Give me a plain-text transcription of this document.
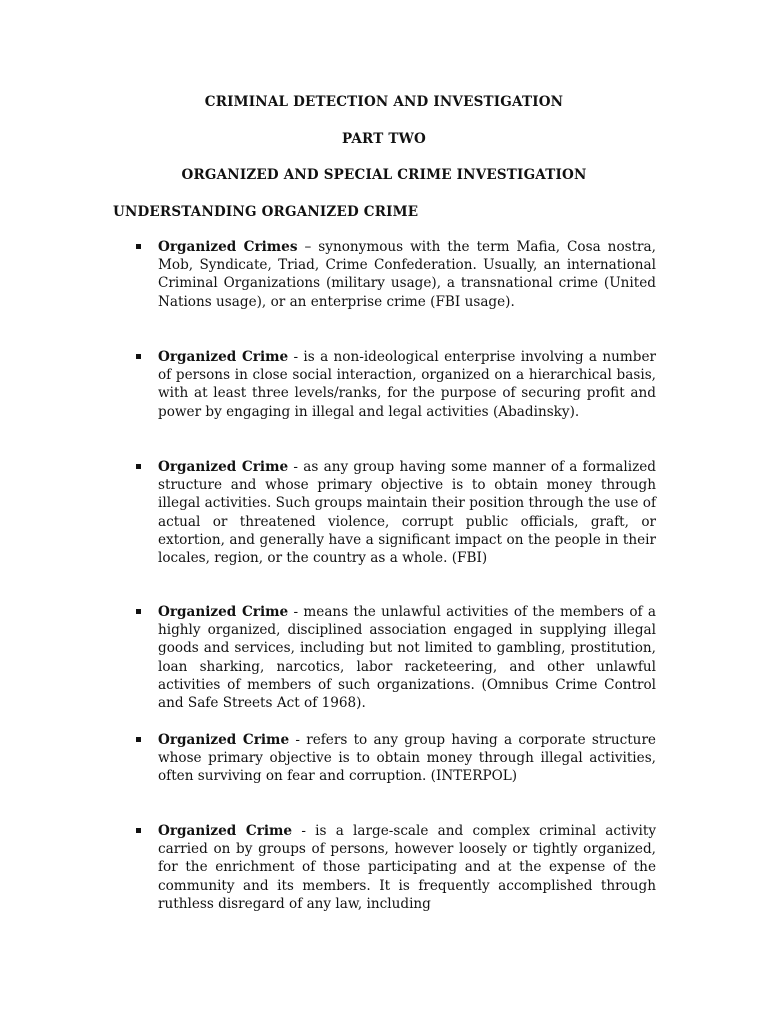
CRIMINAL DETECTION AND INVESTIGATION
PART TWO
ORGANIZED AND SPECIAL CRIME INVESTIGATION
UNDERSTANDING ORGANIZED CRIME
Organized Crimes – synonymous with the term Mafia, Cosa nostra, Mob, Syndicate, Triad, Crime Confederation. Usually, an international Criminal Organizations (military usage), a transnational crime (United Nations usage), or an enterprise crime (FBI usage).
Organized Crime - is a non-ideological enterprise involving a number of persons in close social interaction, organized on a hierarchical basis, with at least three levels/ranks, for the purpose of securing profit and power by engaging in illegal and legal activities (Abadinsky).
Organized Crime - as any group having some manner of a formalized structure and whose primary objective is to obtain money through illegal activities. Such groups maintain their position through the use of actual or threatened violence, corrupt public officials, graft, or extortion, and generally have a significant impact on the people in their locales, region, or the country as a whole. (FBI)
Organized Crime - means the unlawful activities of the members of a highly organized, disciplined association engaged in supplying illegal goods and services, including but not limited to gambling, prostitution, loan sharking, narcotics, labor racketeering, and other unlawful activities of members of such organizations. (Omnibus Crime Control and Safe Streets Act of 1968).
Organized Crime - refers to any group having a corporate structure whose primary objective is to obtain money through illegal activities, often surviving on fear and corruption. (INTERPOL)
Organized Crime - is a large-scale and complex criminal activity carried on by groups of persons, however loosely or tightly organized, for the enrichment of those participating and at the expense of the community and its members. It is frequently accomplished through ruthless disregard of any law, including
